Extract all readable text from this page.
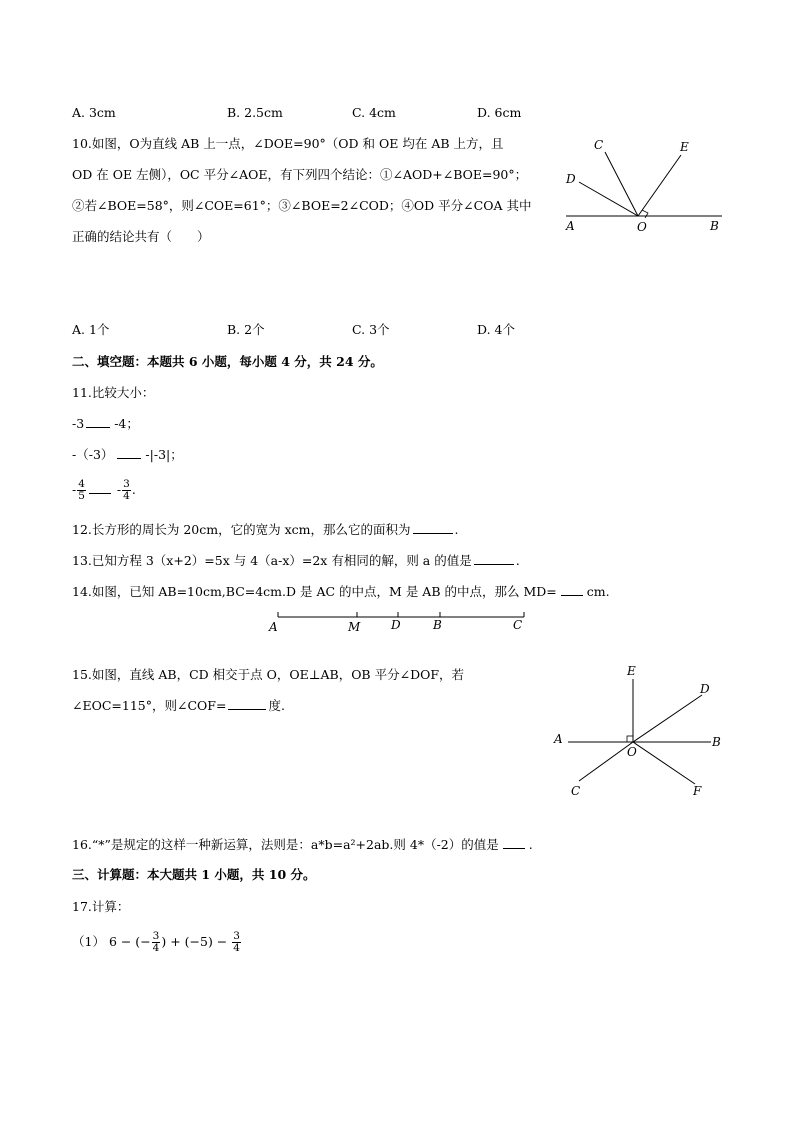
A. 3cm	B. 2.5cm	C. 4cm	D. 6cm
10.如图，O为直线 AB 上一点，∠DOE=90°（OD 和 OE 均在 AB 上方，且
OD 在 OE 左侧），OC 平分∠AOE，有下列四个结论：①∠AOD+∠BOE=90°；
②若∠BOE=58°，则∠COE=61°；③∠BOE=2∠COD；④OD 平分∠COA 其中
正确的结论共有（　　）
C	E
D
A	O	B
A. 1个	B. 2个	C. 3个	D. 4个
二、填空题：本题共 6 小题，每小题 4 分，共 24 分。
11.比较大小：
-3 -4；
-（-3）	-|-3|；
- $\frac{4}{5} - \frac{3}{4}$ .
12.长方形的周长为 20cm，它的宽为 xcm，那么它的面积为	.
13.已知方程 3（x+2）=5x 与 4（a-x）=2x 有相同的解，则 a 的值是	.
14.如图，已知 AB=10cm,BC=4cm.D 是 AC 的中点，M 是 AB 的中点，那么 MD= cm.
A	M	D	B	C
15.如图，直线 AB，CD 相交于点 O，OE⊥AB，OB 平分∠DOF，若
∠EOC=115°，则∠COF=	度.
E
D
A	B
O
C	F
16.“*”是规定的这样一种新运算，法则是：a*b=a²+2ab.则 4*（-2）的值是 .
三、计算题：本大题共 1 小题，共 10 分。
17.计算：
（1） 6 − (− $\frac{3}{4}$ ) + $(-5) - \frac{3}{4}$
